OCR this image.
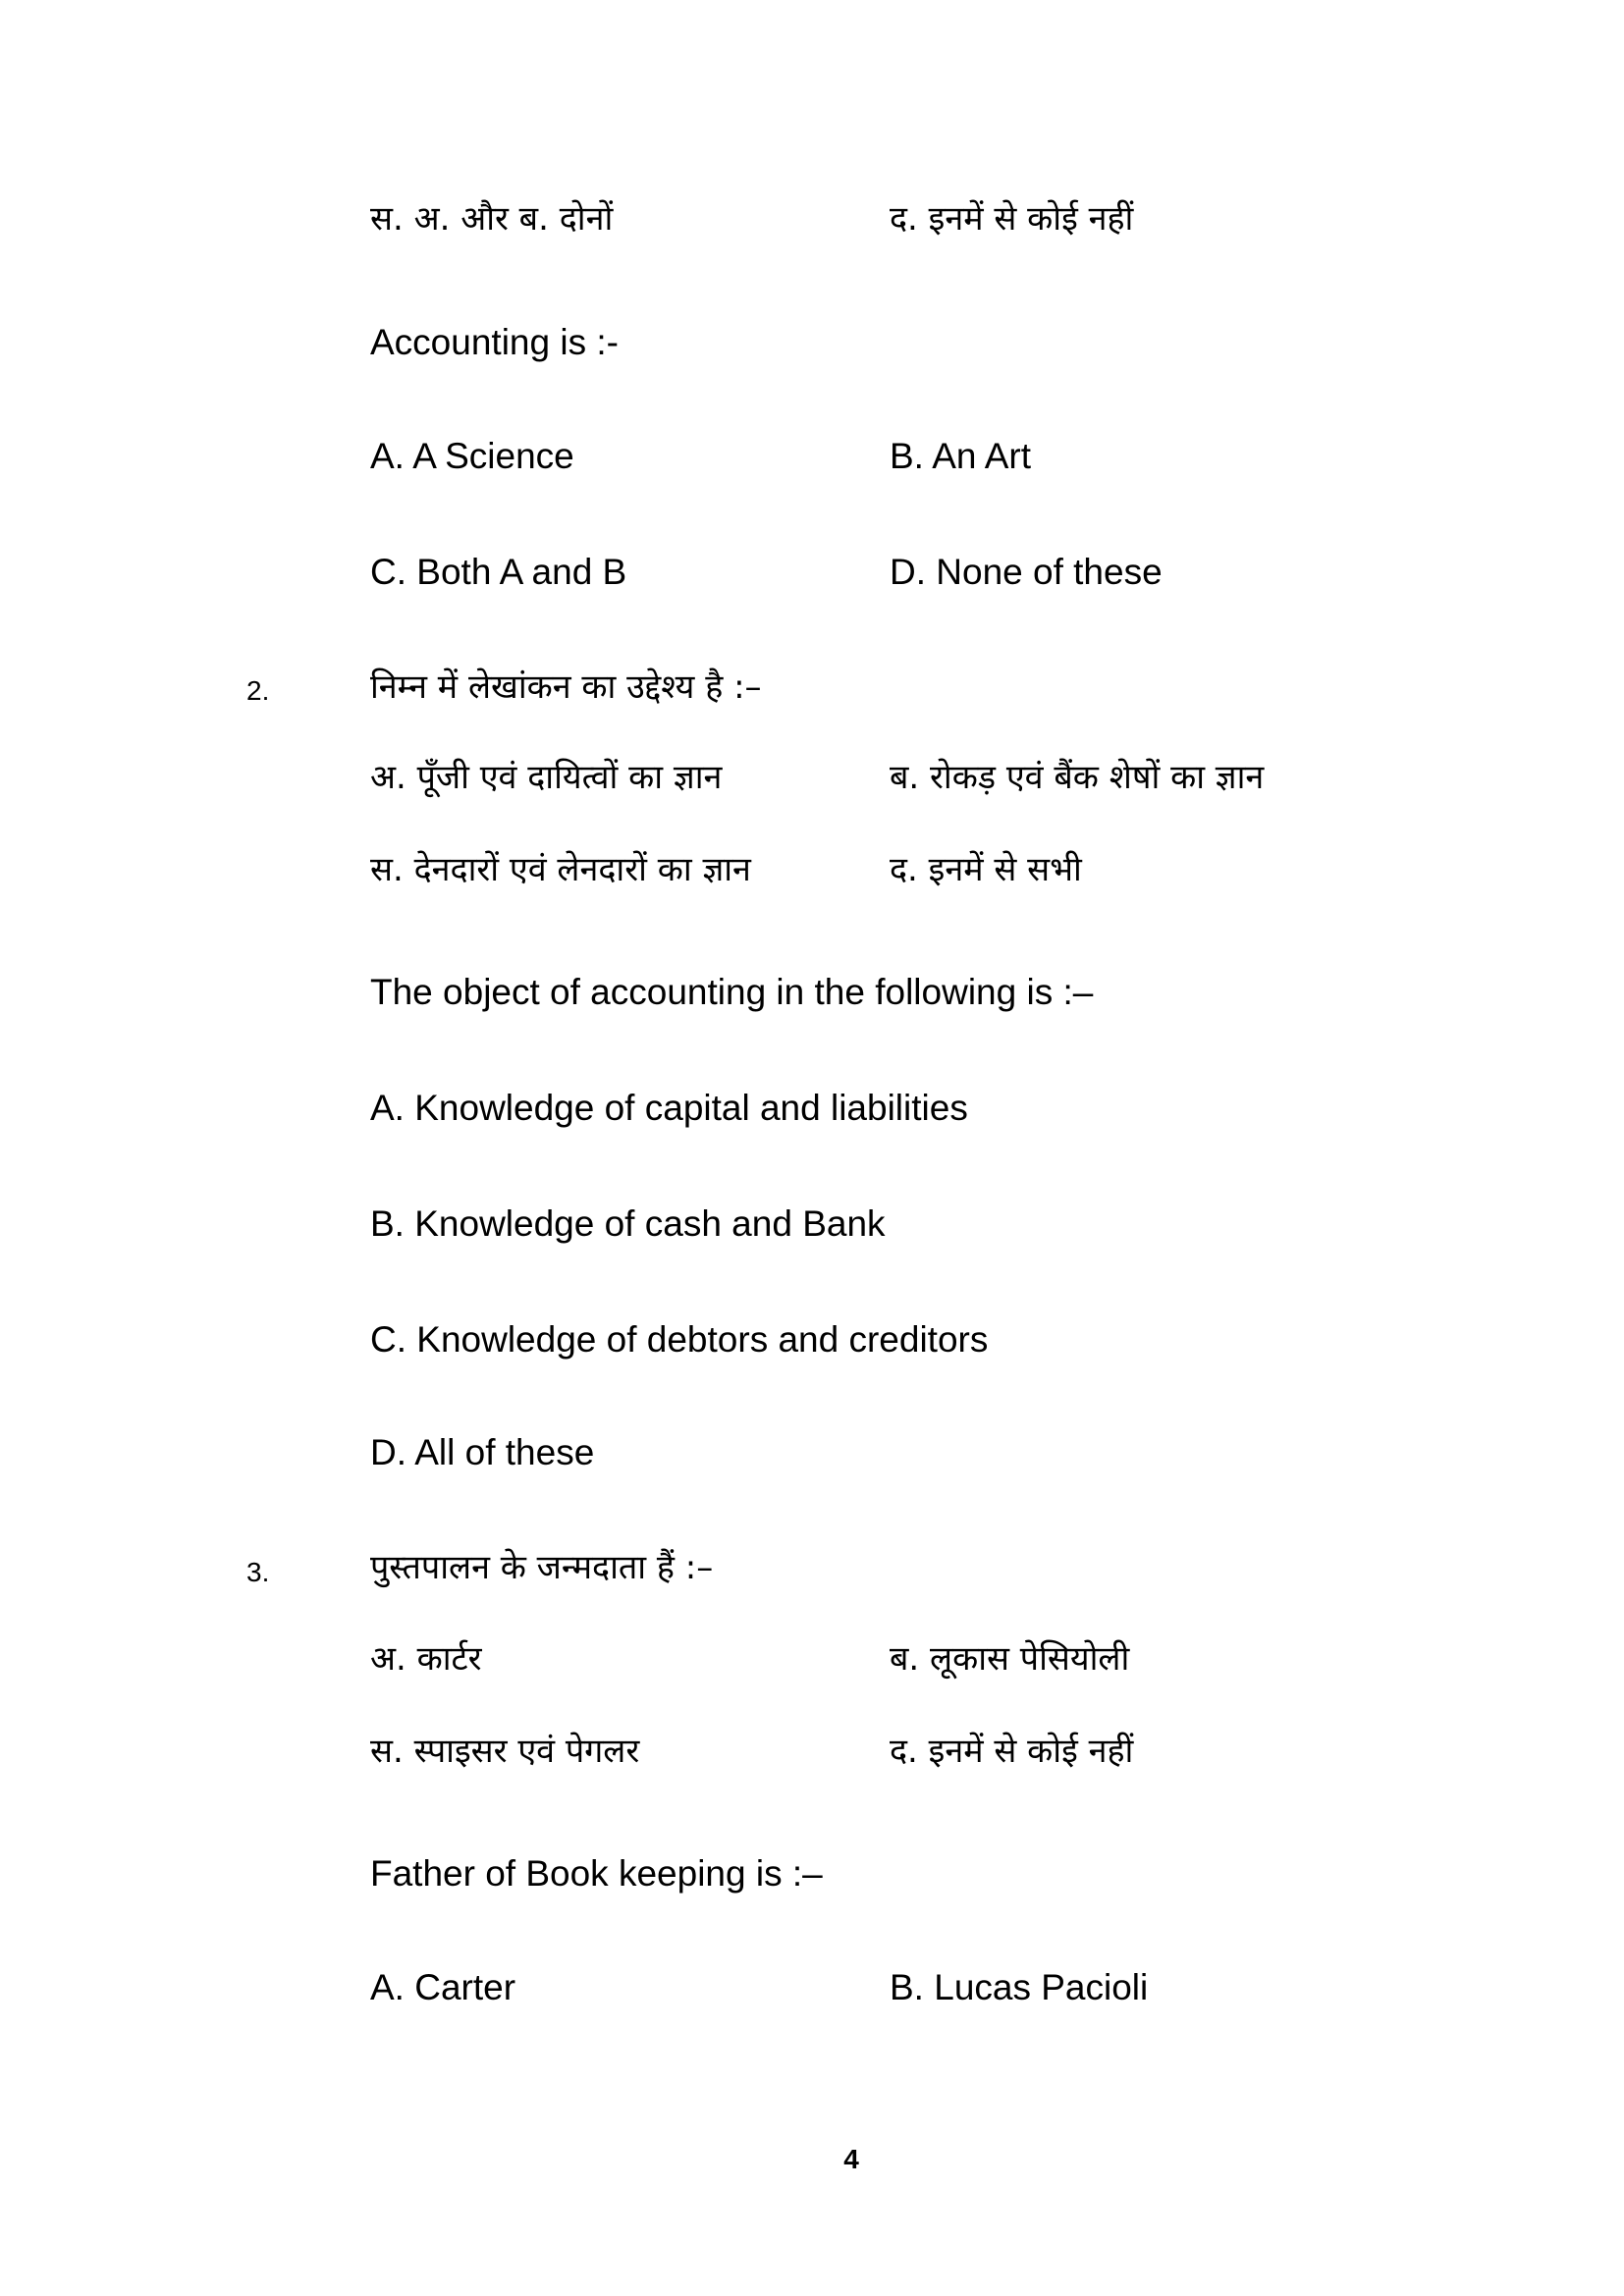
स. अ. और ब. दोनों	द. इनमें से कोई नहीं
Accounting is :-
A. A Science	B. An Art
C. Both A and B	D. None of these
2.	निम्न में लेखांकन का उद्देश्य है :–
अ. पूँजी एवं दायित्वों का ज्ञान	ब. रोकड़ एवं बैंक शेषों का ज्ञान
स. देनदारों एवं लेनदारों का ज्ञान	द. इनमें से सभी
The object of accounting in the following is :–
A. Knowledge of capital and liabilities
B. Knowledge of cash and Bank
C. Knowledge of debtors and creditors
D. All of these
3.	पुस्तपालन के जन्मदाता हैं :–
अ. कार्टर	ब. लूकास पेसियोली
स. स्पाइसर एवं पेगलर	द. इनमें से कोई नहीं
Father of Book keeping is :–
A. Carter	B. Lucas Pacioli
4
